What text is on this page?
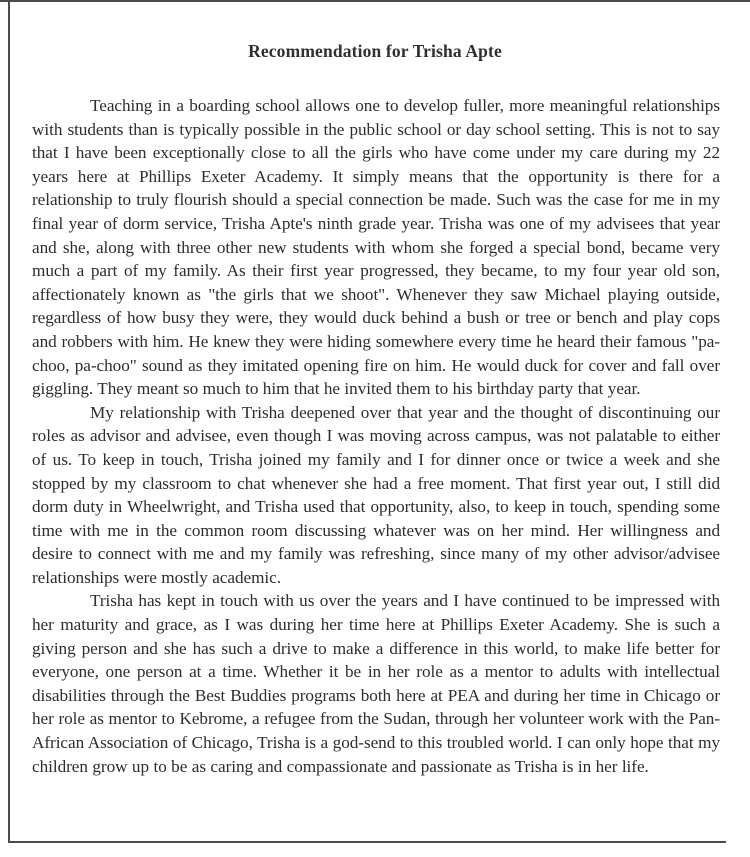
Recommendation for Trisha Apte

Teaching in a boarding school allows one to develop fuller, more meaningful relationships with students than is typically possible in the public school or day school setting. This is not to say that I have been exceptionally close to all the girls who have come under my care during my 22 years here at Phillips Exeter Academy. It simply means that the opportunity is there for a relationship to truly flourish should a special connection be made. Such was the case for me in my final year of dorm service, Trisha Apte's ninth grade year. Trisha was one of my advisees that year and she, along with three other new students with whom she forged a special bond, became very much a part of my family. As their first year progressed, they became, to my four year old son, affectionately known as "the girls that we shoot". Whenever they saw Michael playing outside, regardless of how busy they were, they would duck behind a bush or tree or bench and play cops and robbers with him. He knew they were hiding somewhere every time he heard their famous "pa-choo, pa-choo" sound as they imitated opening fire on him. He would duck for cover and fall over giggling. They meant so much to him that he invited them to his birthday party that year.

My relationship with Trisha deepened over that year and the thought of discontinuing our roles as advisor and advisee, even though I was moving across campus, was not palatable to either of us. To keep in touch, Trisha joined my family and I for dinner once or twice a week and she stopped by my classroom to chat whenever she had a free moment. That first year out, I still did dorm duty in Wheelwright, and Trisha used that opportunity, also, to keep in touch, spending some time with me in the common room discussing whatever was on her mind. Her willingness and desire to connect with me and my family was refreshing, since many of my other advisor/advisee relationships were mostly academic.

Trisha has kept in touch with us over the years and I have continued to be impressed with her maturity and grace, as I was during her time here at Phillips Exeter Academy. She is such a giving person and she has such a drive to make a difference in this world, to make life better for everyone, one person at a time. Whether it be in her role as a mentor to adults with intellectual disabilities through the Best Buddies programs both here at PEA and during her time in Chicago or her role as mentor to Kebrome, a refugee from the Sudan, through her volunteer work with the Pan-African Association of Chicago, Trisha is a god-send to this troubled world. I can only hope that my children grow up to be as caring and compassionate and passionate as Trisha is in her life.
